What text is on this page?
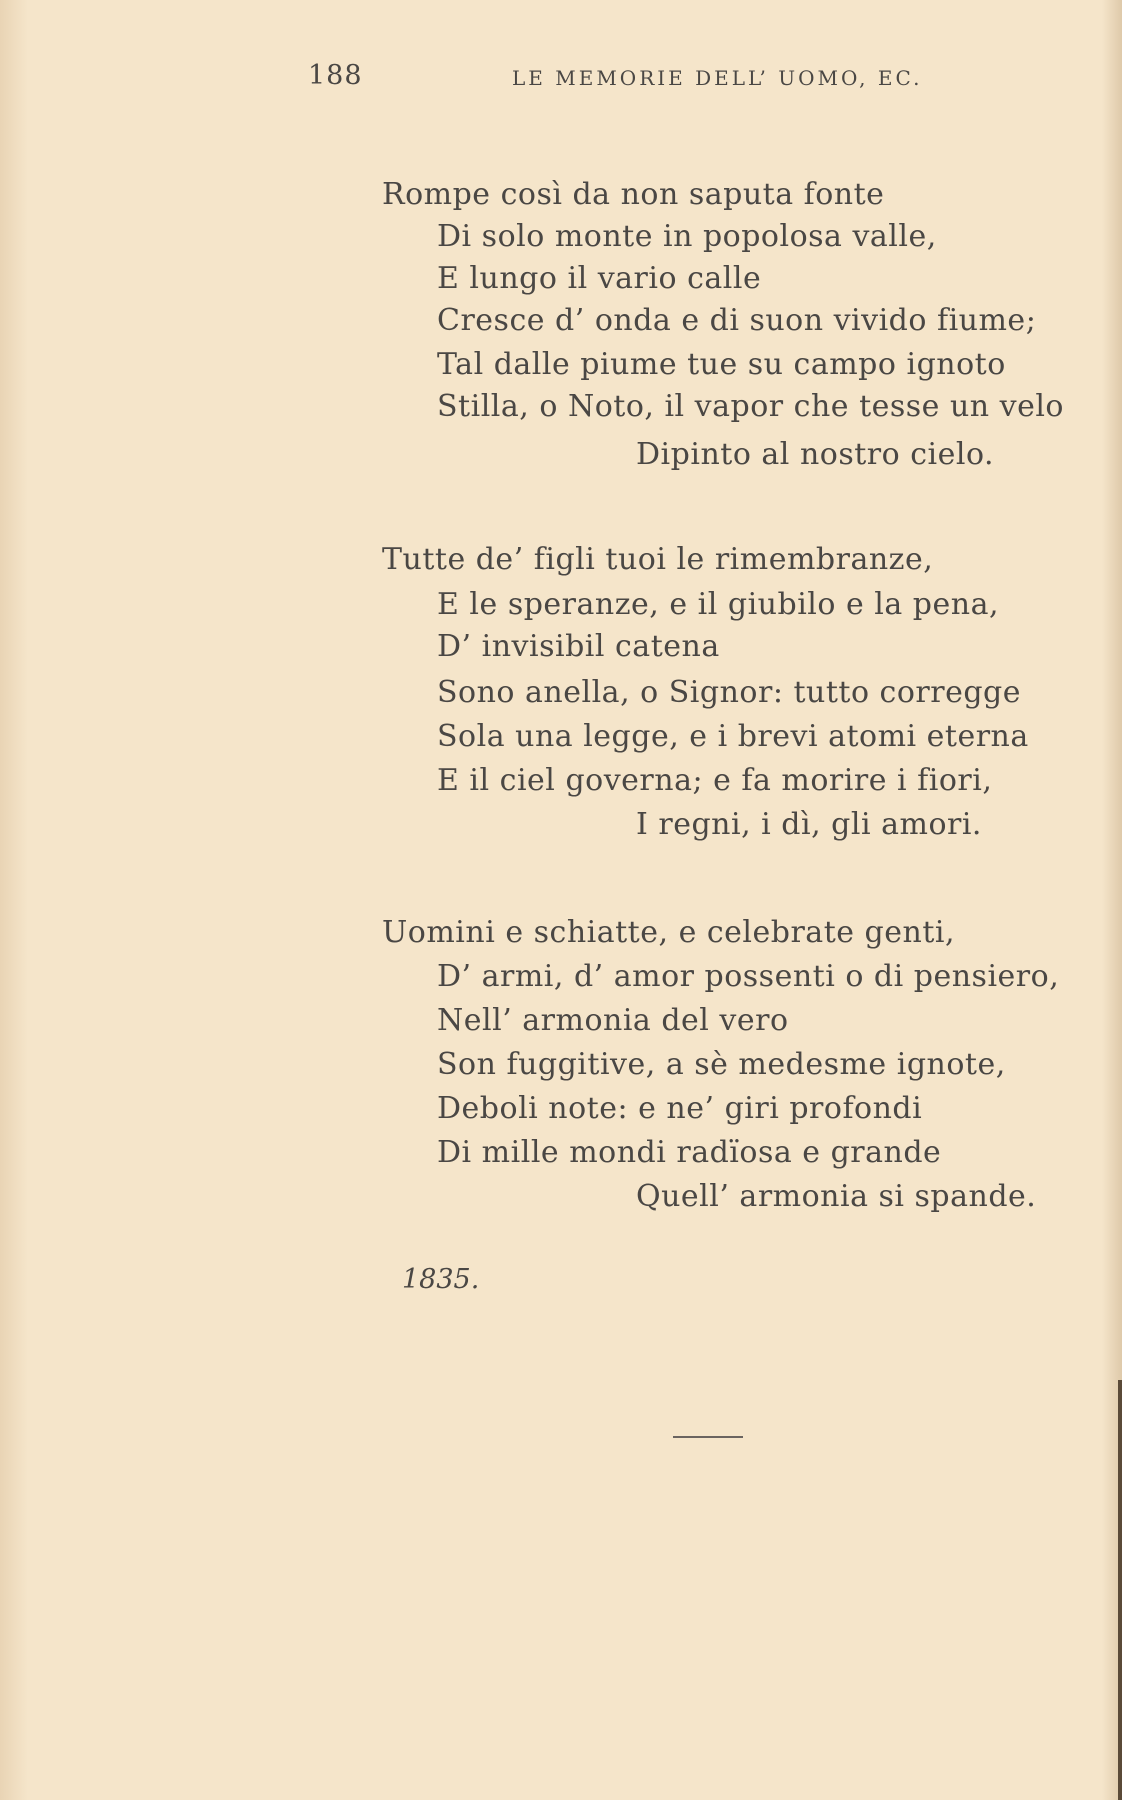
188	LE MEMORIE DELL’ UOMO, EC.
Rompe così da non saputa fonte
Di solo monte in popolosa valle,
E lungo il vario calle
Cresce d’ onda e di suon vivido fiume;
Tal dalle piume tue su campo ignoto
Stilla, o Noto, il vapor che tesse un velo
Dipinto al nostro cielo.
Tutte de’ figli tuoi le rimembranze,
E le speranze, e il giubilo e la pena,
D’ invisibil catena
Sono anella, o Signor: tutto corregge
Sola una legge, e i brevi atomi eterna
E il ciel governa; e fa morire i fiori,
I regni, i dì, gli amori.
Uomini e schiatte, e celebrate genti,
D’ armi, d’ amor possenti o di pensiero,
Nell’ armonia del vero
Son fuggitive, a sè medesme ignote,
Deboli note: e ne’ giri profondi
Di mille mondi radïosa e grande
Quell’ armonia si spande.
1835.
